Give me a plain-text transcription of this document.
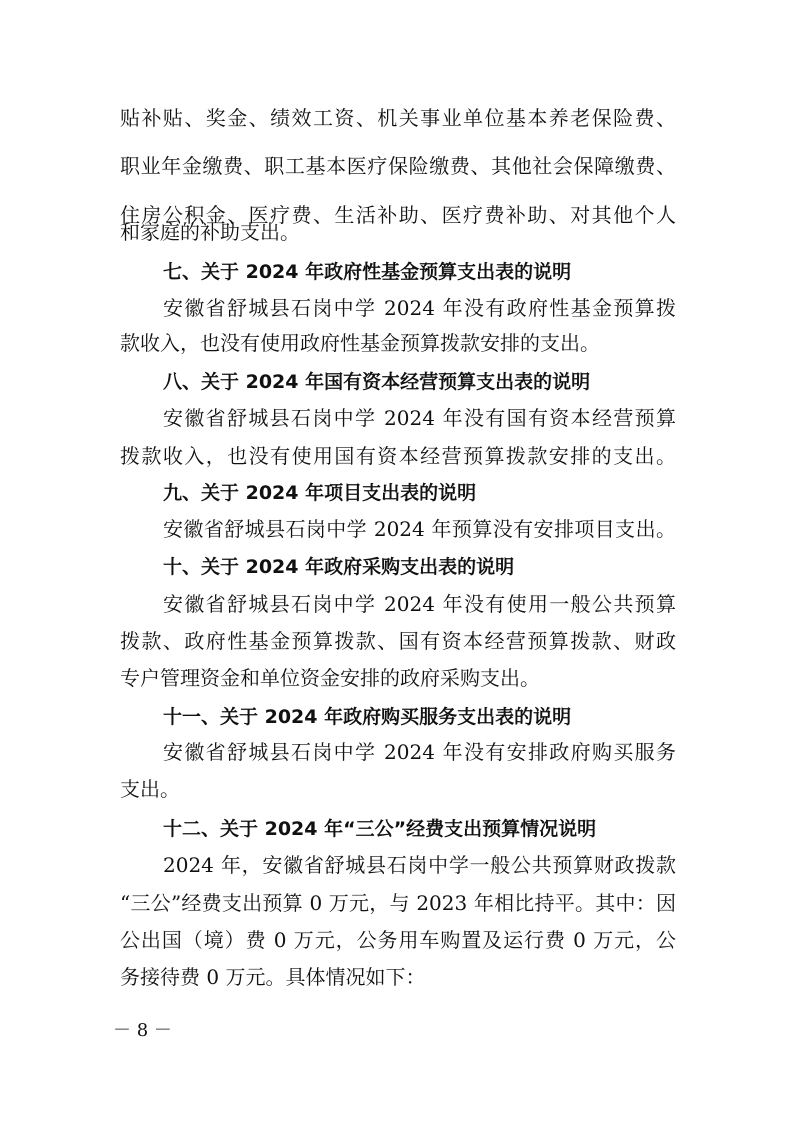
贴补贴、奖金、绩效工资、机关事业单位基本养老保险费、
职业年金缴费、职工基本医疗保险缴费、其他社会保障缴费、
住房公积金、医疗费、生活补助、医疗费补助、对其他个人
和家庭的补助支出。
七、关于 2024 年政府性基金预算支出表的说明
安徽省舒城县石岗中学 2024 年没有政府性基金预算拨
款收入，也没有使用政府性基金预算拨款安排的支出。
八、关于 2024 年国有资本经营预算支出表的说明
安徽省舒城县石岗中学 2024 年没有国有资本经营预算
拨款收入，也没有使用国有资本经营预算拨款安排的支出。
九、关于 2024 年项目支出表的说明
安徽省舒城县石岗中学 2024 年预算没有安排项目支出。
十、关于 2024 年政府采购支出表的说明
安徽省舒城县石岗中学 2024 年没有使用一般公共预算
拨款、政府性基金预算拨款、国有资本经营预算拨款、财政
专户管理资金和单位资金安排的政府采购支出。
十一、关于 2024 年政府购买服务支出表的说明
安徽省舒城县石岗中学 2024 年没有安排政府购买服务
支出。
十二、关于 2024 年“三公”经费支出预算情况说明
2024 年，安徽省舒城县石岗中学一般公共预算财政拨款
“三公”经费支出预算 0 万元，与 2023 年相比持平。其中：因
公出国（境）费 0 万元，公务用车购置及运行费 0 万元，公
务接待费 0 万元。具体情况如下：
－ 8 －
